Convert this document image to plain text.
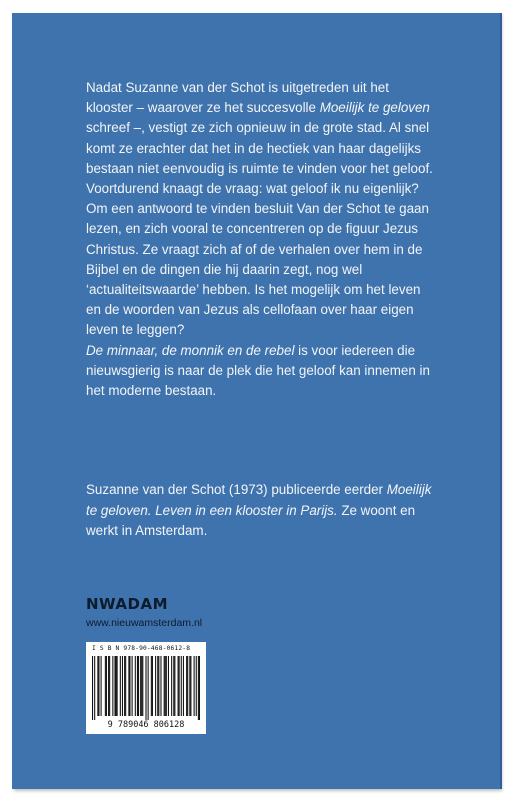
Nadat Suzanne van der Schot is uitgetreden uit het klooster – waarover ze het succesvolle Moeilijk te geloven schreef –, vestigt ze zich opnieuw in de grote stad. Al snel komt ze erachter dat het in de hectiek van haar dagelijks bestaan niet eenvoudig is ruimte te vinden voor het geloof. Voortdurend knaagt de vraag: wat geloof ik nu eigenlijk?

Om een antwoord te vinden besluit Van der Schot te gaan lezen, en zich vooral te concentreren op de figuur Jezus Christus. Ze vraagt zich af of de verhalen over hem in de Bijbel en de dingen die hij daarin zegt, nog wel ‘actualiteitswaarde’ hebben. Is het mogelijk om het leven en de woorden van Jezus als cellofaan over haar eigen leven te leggen?

De minnaar, de monnik en de rebel is voor iedereen die nieuwsgierig is naar de plek die het geloof kan innemen in het moderne bestaan.

Suzanne van der Schot (1973) publiceerde eerder Moeilijk te geloven. Leven in een klooster in Parijs. Ze woont en werkt in Amsterdam.

NWADAM
www.nieuwamsterdam.nl
I S B N 978-90-468-0612-8
9 789046 806128
